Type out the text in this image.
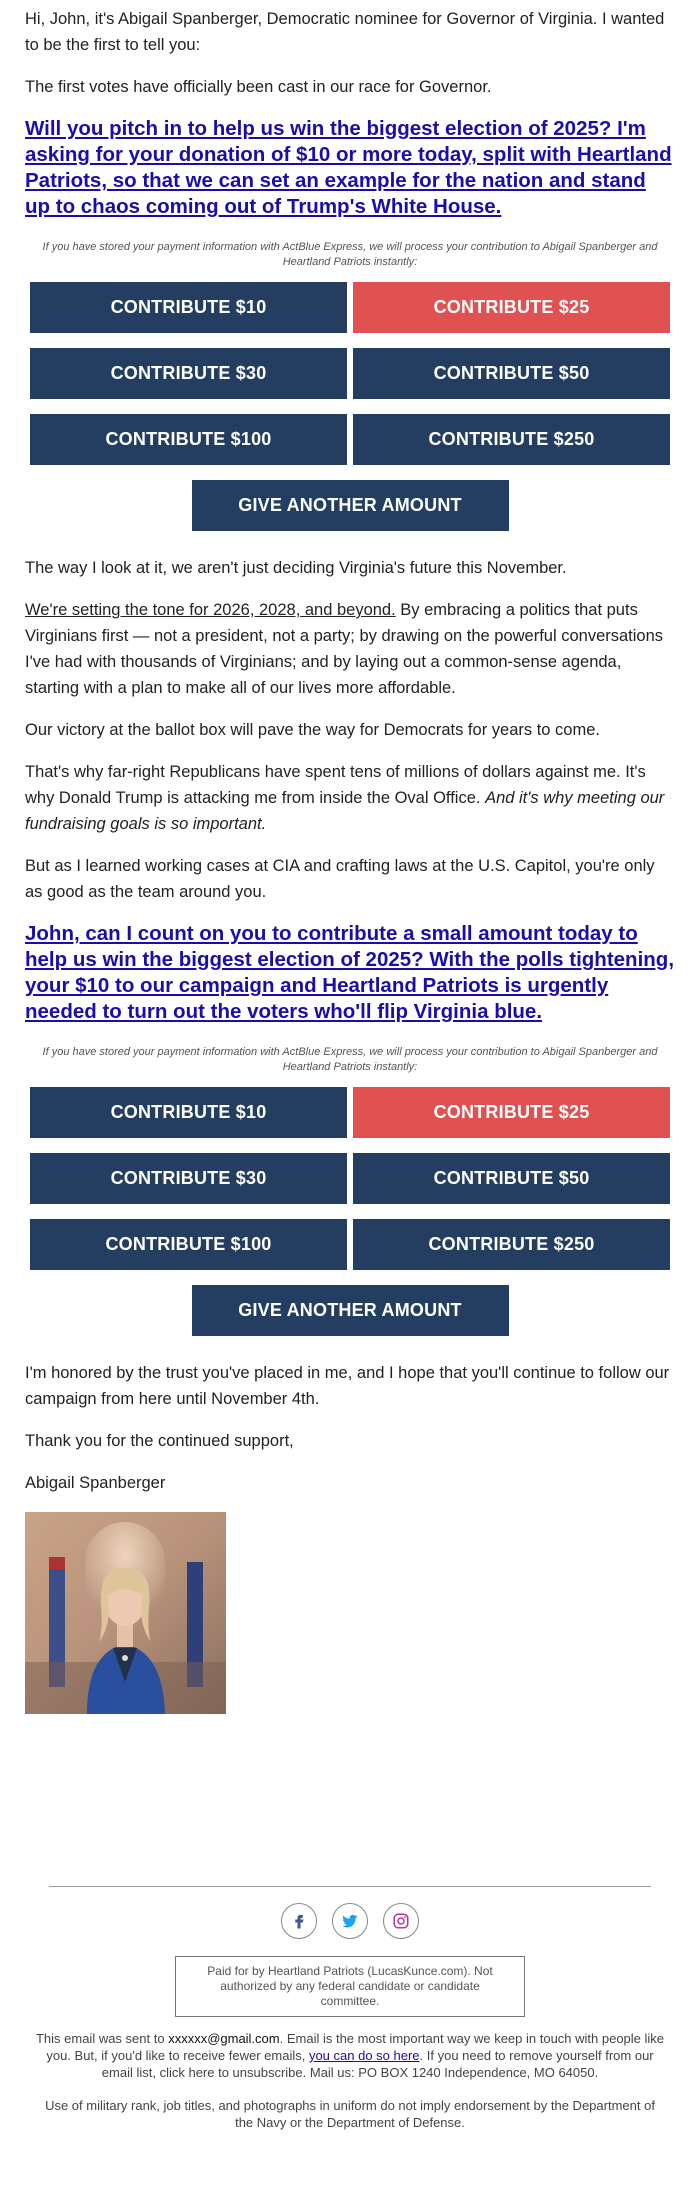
Hi, John, it's Abigail Spanberger, Democratic nominee for Governor of Virginia. I wanted to be the first to tell you:

The first votes have officially been cast in our race for Governor.

Will you pitch in to help us win the biggest election of 2025? I'm asking for your donation of $10 or more today, split with Heartland Patriots, so that we can set an example for the nation and stand up to chaos coming out of Trump's White House.
If you have stored your payment information with ActBlue Express, we will process your contribution to Abigail Spanberger and Heartland Patriots instantly:
CONTRIBUTE $10	CONTRIBUTE $25
CONTRIBUTE $30	CONTRIBUTE $50
CONTRIBUTE $100	CONTRIBUTE $250
GIVE ANOTHER AMOUNT

The way I look at it, we aren't just deciding Virginia's future this November.

We're setting the tone for 2026, 2028, and beyond. By embracing a politics that puts Virginians first — not a president, not a party; by drawing on the powerful conversations I've had with thousands of Virginians; and by laying out a common-sense agenda, starting with a plan to make all of our lives more affordable.

Our victory at the ballot box will pave the way for Democrats for years to come.

That's why far-right Republicans have spent tens of millions of dollars against me. It's why Donald Trump is attacking me from inside the Oval Office. And it's why meeting our fundraising goals is so important.

But as I learned working cases at CIA and crafting laws at the U.S. Capitol, you're only as good as the team around you.

John, can I count on you to contribute a small amount today to help us win the biggest election of 2025? With the polls tightening, your $10 to our campaign and Heartland Patriots is urgently needed to turn out the voters who'll flip Virginia blue.
If you have stored your payment information with ActBlue Express, we will process your contribution to Abigail Spanberger and Heartland Patriots instantly:
CONTRIBUTE $10	CONTRIBUTE $25
CONTRIBUTE $30	CONTRIBUTE $50
CONTRIBUTE $100	CONTRIBUTE $250
GIVE ANOTHER AMOUNT

I'm honored by the trust you've placed in me, and I hope that you'll continue to follow our campaign from here until November 4th.

Thank you for the continued support,

Abigail Spanberger

Paid for by Heartland Patriots (LucasKunce.com). Not authorized by any federal candidate or candidate committee.
This email was sent to xxxxxx@gmail.com. Email is the most important way we keep in touch with people like you. But, if you'd like to receive fewer emails, you can do so here. If you need to remove yourself from our email list, click here to unsubscribe. Mail us: PO BOX 1240 Independence, MO 64050.
Use of military rank, job titles, and photographs in uniform do not imply endorsement by the Department of the Navy or the Department of Defense.
